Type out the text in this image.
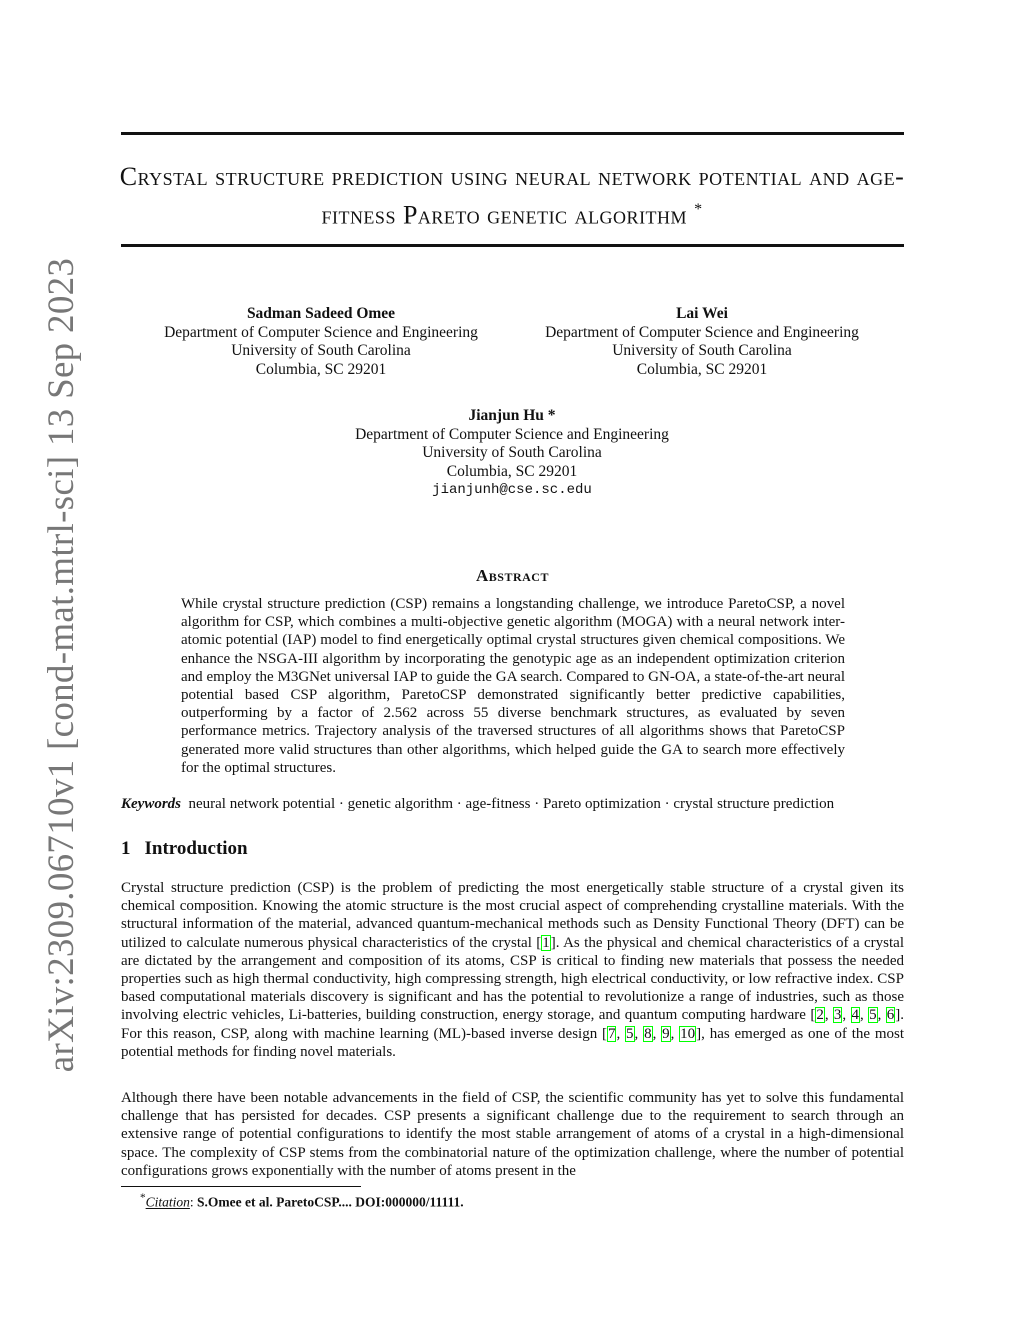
Crystal structure prediction using neural network potential and age-fitness Pareto genetic algorithm *
arXiv:2309.06710v1 [cond-mat.mtrl-sci] 13 Sep 2023	Sadman Sadeed Omee
Department of Computer Science and Engineering
University of South Carolina
Columbia, SC 29201
Lai Wei
Department of Computer Science and Engineering
University of South Carolina
Columbia, SC 29201
Jianjun Hu *
Department of Computer Science and Engineering
University of South Carolina
Columbia, SC 29201
jianjunh@cse.sc.edu
Abstract

While crystal structure prediction (CSP) remains a longstanding challenge, we introduce ParetoCSP, a novel algorithm for CSP, which combines a multi-objective genetic algorithm (MOGA) with a neural network inter-atomic potential (IAP) model to find energetically optimal crystal structures given chemical compositions. We enhance the NSGA-III algorithm by incorporating the genotypic age as an independent optimization criterion and employ the M3GNet universal IAP to guide the GA search. Compared to GN-OA, a state-of-the-art neural potential based CSP algorithm, ParetoCSP demonstrated significantly better predictive capabilities, outperforming by a factor of 2.562 across 55 diverse benchmark structures, as evaluated by seven performance metrics. Trajectory analysis of the traversed structures of all algorithms shows that ParetoCSP generated more valid structures than other algorithms, which helped guide the GA to search more effectively for the optimal structures.

Keywords neural network potential · genetic algorithm · age-fitness · Pareto optimization · crystal structure prediction
1 Introduction

Crystal structure prediction (CSP) is the problem of predicting the most energetically stable structure of a crystal given its chemical composition. Knowing the atomic structure is the most crucial aspect of comprehending crystalline materials. With the structural information of the material, advanced quantum-mechanical methods such as Density Functional Theory (DFT) can be utilized to calculate numerous physical characteristics of the crystal [1]. As the physical and chemical characteristics of a crystal are dictated by the arrangement and composition of its atoms, CSP is critical to finding new materials that possess the needed properties such as high thermal conductivity, high compressing strength, high electrical conductivity, or low refractive index. CSP based computational materials discovery is significant and has the potential to revolutionize a range of industries, such as those involving electric vehicles, Li-batteries, building construction, energy storage, and quantum computing hardware [2, 3, 4, 5, 6]. For this reason, CSP, along with machine learning (ML)-based inverse design [7, 5, 8, 9, 10], has emerged as one of the most potential methods for finding novel materials.

Although there have been notable advancements in the field of CSP, the scientific community has yet to solve this fundamental challenge that has persisted for decades. CSP presents a significant challenge due to the requirement to search through an extensive range of potential configurations to identify the most stable arrangement of atoms of a crystal in a high-dimensional space. The complexity of CSP stems from the combinatorial nature of the optimization challenge, where the number of potential configurations grows exponentially with the number of atoms present in the

*Citation: S.Omee et al. ParetoCSP.... DOI:000000/11111.
